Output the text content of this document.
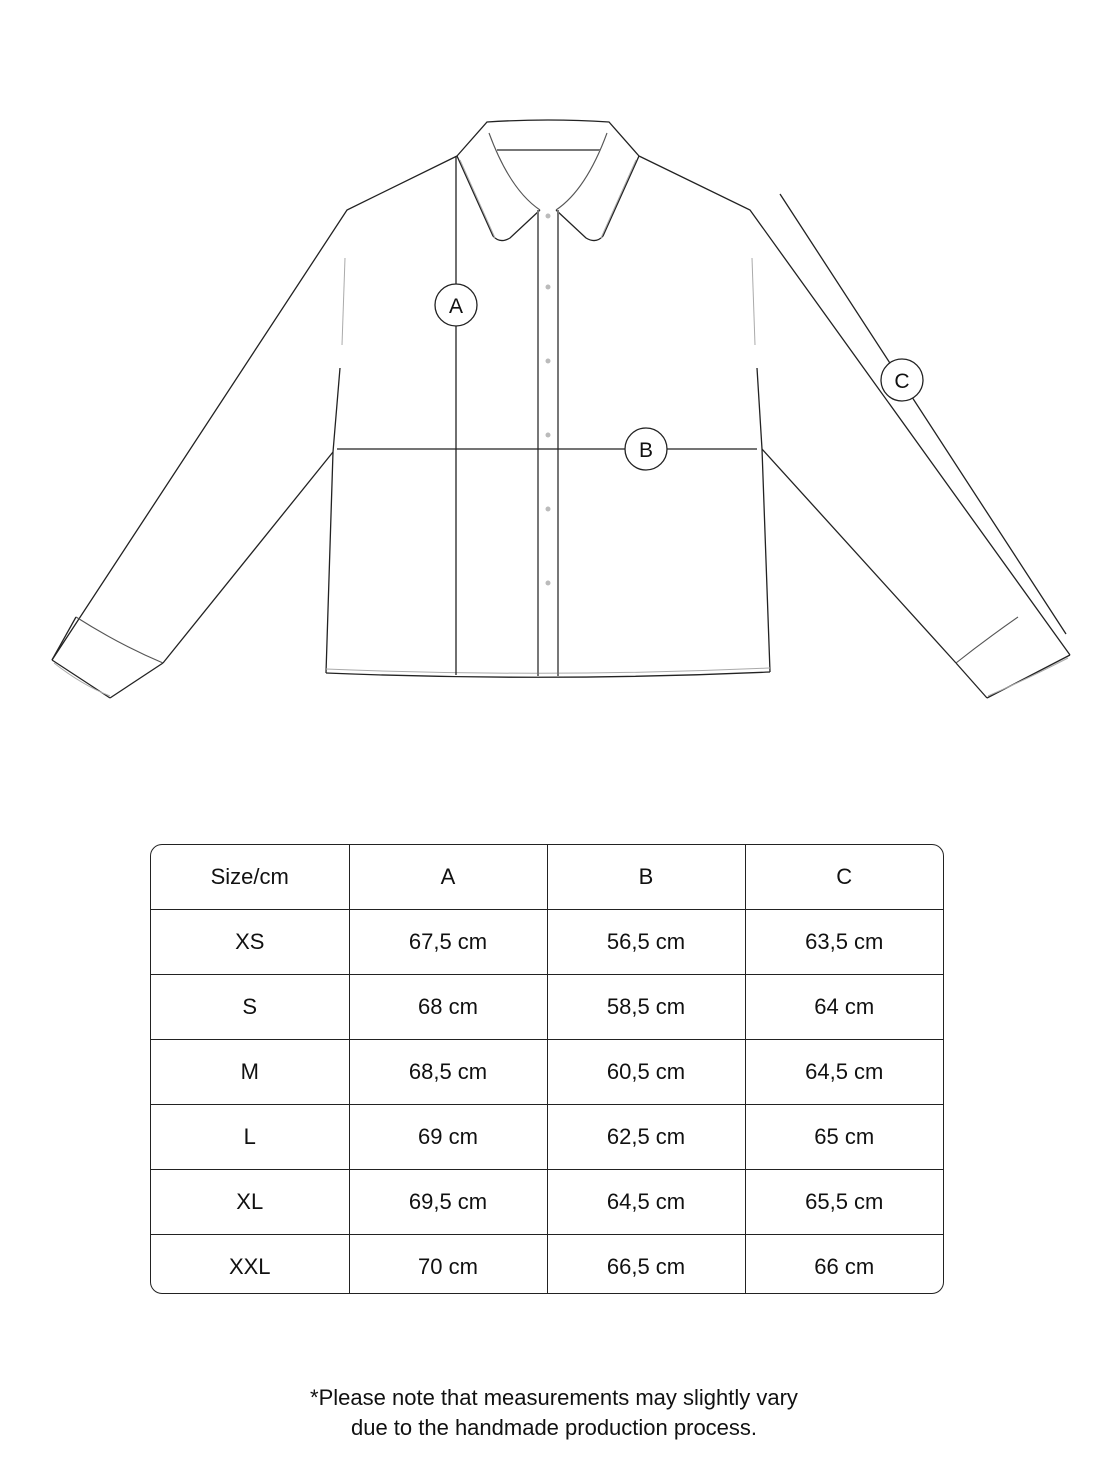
A
B
C
Size/cm	A	B	C
XS	67,5 cm	56,5 cm	63,5 cm
S	68 cm	58,5 cm	64 cm
M	68,5 cm	60,5 cm	64,5 cm
L	69 cm	62,5 cm	65 cm
XL	69,5 cm	64,5 cm	65,5 cm
XXL	70 cm	66,5 cm	66 cm
*Please note that measurements may slightly vary
due to the handmade production process.
